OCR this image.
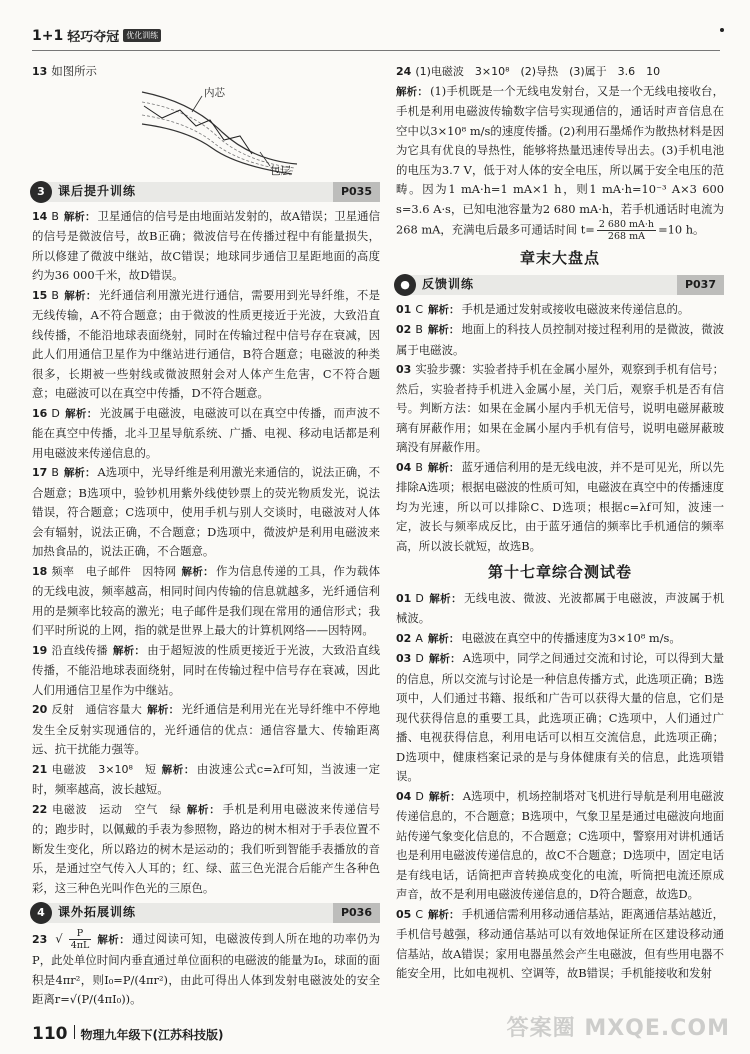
1+1 轻巧夺冠 优化训练
13 如图所示
内芯
包层
3	课后提升训练	P035
14 B 解析： 卫星通信的信号是由地面站发射的，故A错误；卫星通信的信号是微波信号，故B正确；微波信号在传播过程中有能量损失，所以修建了微波中继站，故C错误；地球同步通信卫星距地面的高度约为36 000千米，故D错误。
15 B 解析： 光纤通信利用激光进行通信，需要用到光导纤维，不是无线传输，A不符合题意；由于微波的性质更接近于光波，大致沿直线传播，不能沿地球表面绕射，同时在传输过程中信号存在衰减，因此人们用通信卫星作为中继站进行通信，B符合题意；电磁波的种类很多，长期被一些射线或微波照射会对人体产生危害，C不符合题意；电磁波可以在真空中传播，D不符合题意。
16 D 解析： 光波属于电磁波，电磁波可以在真空中传播，而声波不能在真空中传播，北斗卫星导航系统、广播、电视、移动电话都是利用电磁波来传递信息的。
17 B 解析： A选项中，光导纤维是利用激光来通信的，说法正确，不合题意；B选项中，验钞机用紫外线使钞票上的荧光物质发光，说法错误，符合题意；C选项中，使用手机与别人交谈时，电磁波对人体会有辐射，说法正确，不合题意；D选项中，微波炉是利用电磁波来加热食品的，说法正确，不合题意。
18 频率　电子邮件　因特网 解析： 作为信息传递的工具，作为载体的无线电波，频率越高，相同时间内传输的信息就越多，光纤通信利用的是频率比较高的激光；电子邮件是我们现在常用的通信形式；我们平时所说的上网，指的就是世界上最大的计算机网络——因特网。
19 沿直线传播 解析： 由于超短波的性质更接近于光波，大致沿直线传播，不能沿地球表面绕射，同时在传输过程中信号存在衰减，因此人们用通信卫星作为中继站。
20 反射　通信容量大 解析： 光纤通信是利用光在光导纤维中不停地发生全反射实现通信的，光纤通信的优点：通信容量大、传输距离远、抗干扰能力强等。
21 电磁波　3×10⁸　短 解析： 由波速公式c=λf可知，当波速一定时，频率越高，波长越短。
22 电磁波　运动　空气　绿 解析： 手机是利用电磁波来传递信号的；跑步时，以佩戴的手表为参照物，路边的树木相对于手表位置不断发生变化，所以路边的树木是运动的；我们听到智能手表播放的音乐，是通过空气传入人耳的；红、绿、蓝三色光混合后能产生各种色彩，这三种色光叫作色光的三原色。
4	课外拓展训练	P036
23 √ $\frac{P}{4\pi L}$ 解析： 通过阅读可知，电磁波传到人所在地的功率仍为P，此处单位时间内垂直通过单位面积的电磁波的能量为I₀，球面的面积是4πr²，则I₀=P/(4πr²)，由此可得出人体到发射电磁波处的安全距离r=√(P/(4πI₀))。
24 (1)电磁波　3×10⁸　(2)导热　(3)属于　3.6　10
解析： (1)手机既是一个无线电发射台，又是一个无线电接收台，手机是利用电磁波传输数字信号实现通信的，通话时声音信息在空中以3×10⁸ m/s的速度传播。(2)利用石墨烯作为散热材料是因为它具有优良的导热性，能够将热量迅速传导出去。(3)手机电池的电压为3.7 V，低于对人体的安全电压，所以属于安全电压的范畴。因为1 mA·h=1 mA×1 h，则1 mA·h=10⁻³ A×3 600 s=3.6 A·s，已知电池容量为2 680 mA·h，若手机通话时电流为268 mA，充满电后最多可通话时间 $t= \frac{2 680 mA\cdot h}{268 mA} =10$ h。
章末大盘点
●	反馈训练	P037
01 C 解析： 手机是通过发射或接收电磁波来传递信息的。
02 B 解析： 地面上的科技人员控制对接过程利用的是微波，微波属于电磁波。
03 实验步骤：实验者持手机在金属小屋外，观察到手机有信号；然后，实验者持手机进入金属小屋，关门后，观察手机是否有信号。判断方法：如果在金属小屋内手机无信号，说明电磁屏蔽玻璃有屏蔽作用；如果在金属小屋内手机有信号，说明电磁屏蔽玻璃没有屏蔽作用。
04 B 解析： 蓝牙通信利用的是无线电波，并不是可见光，所以先排除A选项；根据电磁波的性质可知，电磁波在真空中的传播速度均为光速，所以可以排除C、D选项；根据c=λf可知，波速一定，波长与频率成反比，由于蓝牙通信的频率比手机通信的频率高，所以波长就短，故选B。
第十七章综合测试卷
01 D 解析： 无线电波、微波、光波都属于电磁波，声波属于机械波。
02 A 解析： 电磁波在真空中的传播速度为3×10⁸ m/s。
03 D 解析： A选项中，同学之间通过交流和讨论，可以得到大量的信息，所以交流与讨论是一种信息传播方式，此选项正确；B选项中，人们通过书籍、报纸和广告可以获得大量的信息，它们是现代获得信息的重要工具，此选项正确；C选项中，人们通过广播、电视获得信息，利用电话可以相互交流信息，此选项正确；D选项中，健康档案记录的是与身体健康有关的信息，此选项错误。
04 D 解析： A选项中，机场控制塔对飞机进行导航是利用电磁波传递信息的，不合题意；B选项中，气象卫星是通过电磁波向地面站传递气象变化信息的，不合题意；C选项中，警察用对讲机通话也是利用电磁波传递信息的，故C不合题意；D选项中，固定电话是有线电话，话筒把声音转换成变化的电流，听筒把电流还原成声音，故不是利用电磁波传递信息的，D符合题意，故选D。
05 C 解析： 手机通信需利用移动通信基站，距离通信基站越近，手机信号越强，移动通信基站可以有效地保证所在区建设移动通信基站，故A错误；家用电器虽然会产生电磁波，但有些用电器不能安全用，比如电视机、空调等，故B错误；手机能接收和发射
110 物理九年级下(江苏科技版)	答案圈 MXQE.COM
